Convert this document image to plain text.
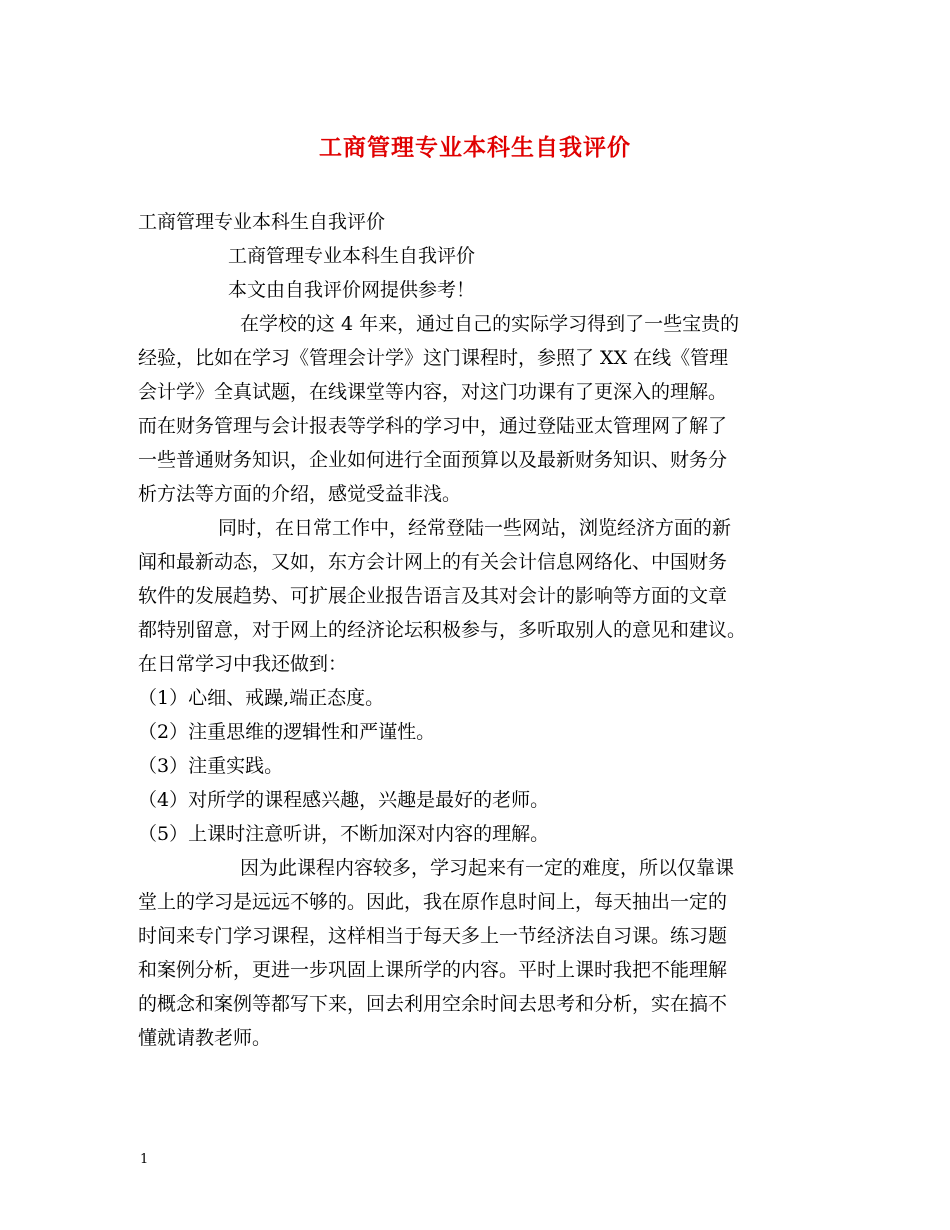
工商管理专业本科生自我评价
工商管理专业本科生自我评价
工商管理专业本科生自我评价
本文由自我评价网提供参考！
在学校的这 4 年来，通过自己的实际学习得到了一些宝贵的
经验，比如在学习《管理会计学》这门课程时，参照了 XX 在线《管理
会计学》全真试题，在线课堂等内容，对这门功课有了更深入的理解。
而在财务管理与会计报表等学科的学习中，通过登陆亚太管理网了解了
一些普通财务知识，企业如何进行全面预算以及最新财务知识、财务分
析方法等方面的介绍，感觉受益非浅。
同时，在日常工作中，经常登陆一些网站，浏览经济方面的新
闻和最新动态，又如，东方会计网上的有关会计信息网络化、中国财务
软件的发展趋势、可扩展企业报告语言及其对会计的影响等方面的文章
都特别留意，对于网上的经济论坛积极参与，多听取别人的意见和建议。
在日常学习中我还做到：
（1）心细、戒躁,端正态度。
（2）注重思维的逻辑性和严谨性。
（3）注重实践。
（4）对所学的课程感兴趣，兴趣是最好的老师。
（5）上课时注意听讲，不断加深对内容的理解。
因为此课程内容较多，学习起来有一定的难度，所以仅靠课
堂上的学习是远远不够的。因此，我在原作息时间上，每天抽出一定的
时间来专门学习课程，这样相当于每天多上一节经济法自习课。练习题
和案例分析，更进一步巩固上课所学的内容。平时上课时我把不能理解
的概念和案例等都写下来，回去利用空余时间去思考和分析，实在搞不
懂就请教老师。
1
